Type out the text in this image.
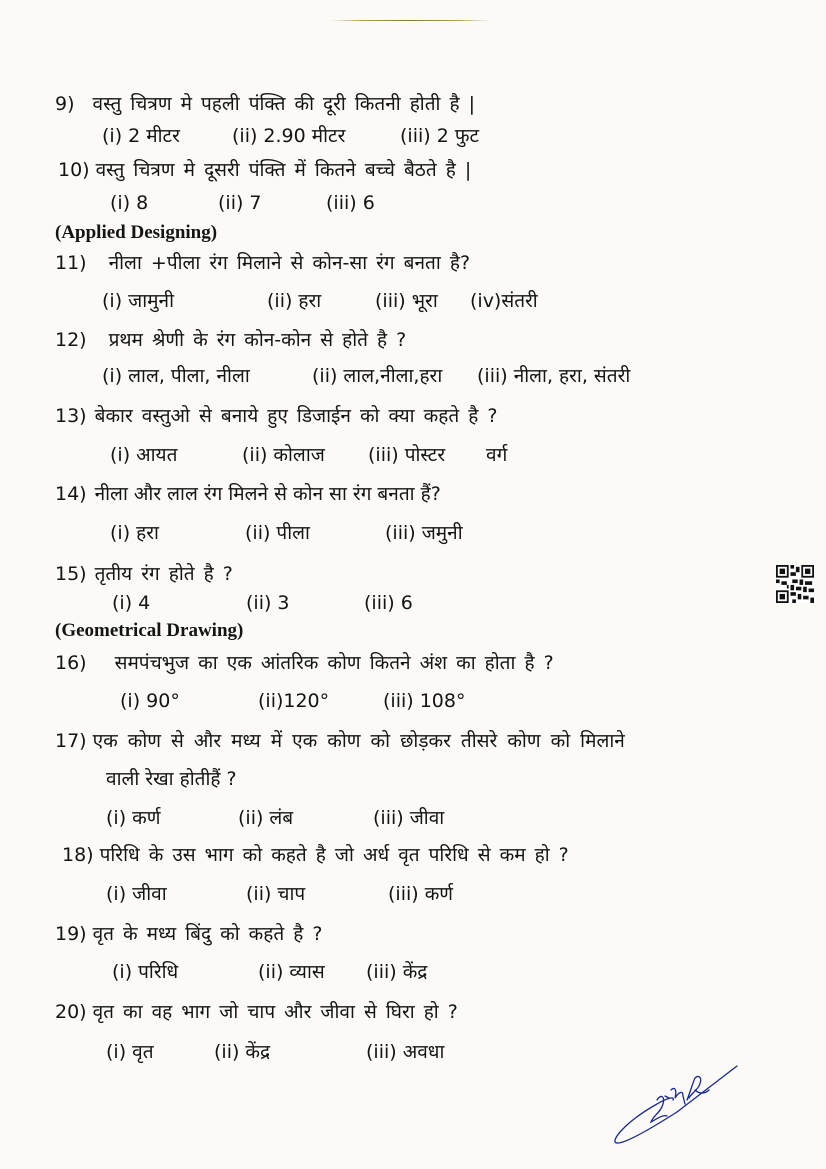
9) वस्तु चित्रण मे पहली पंक्ति की दूरी कितनी होती है |
(i) 2 मीटर	(ii) 2.90 मीटर	(iii) 2 फुट
10) वस्तु चित्रण मे दूसरी पंक्ति में कितने बच्चे बैठते है |
(i) 8	(ii) 7	(iii) 6
(Applied Designing)
11) नीला +पीला रंग मिलाने से कोन-सा रंग बनता है?
(i) जामुनी	(ii) हरा	(iii) भूरा (iv)संतरी
12) प्रथम श्रेणी के रंग कोन-कोन से होते है ?
(i) लाल, पीला, नीला	(ii) लाल,नीला,हरा (iii) नीला, हरा, संतरी
13) बेकार वस्तुओ से बनाये हुए डिजाईन को क्या कहते है ?
(i) आयत	(ii) कोलाज (iii) पोस्टर वर्ग
14) नीला और लाल रंग मिलने से कोन सा रंग बनता हैं?
(i) हरा	(ii) पीला	(iii) जमुनी
15) तृतीय रंग होते है ?
(i) 4	(ii) 3	(iii) 6
(Geometrical Drawing)
16) समपंचभुज का एक आंतरिक कोण कितने अंश का होता है ?
(i) 90°	(ii)120°	(iii) 108°
17) एक कोण से और मध्य में एक कोण को छोड़कर तीसरे कोण को मिलाने
वाली रेखा होतीहैं ?
(i) कर्ण	(ii) लंब	(iii) जीवा
18) परिधि के उस भाग को कहते है जो अर्ध वृत परिधि से कम हो ?
(i) जीवा	(ii) चाप	(iii) कर्ण
19) वृत के मध्य बिंदु को कहते है ?
(i) परिधि	(ii) व्यास (iii) केंद्र
20) वृत का वह भाग जो चाप और जीवा से घिरा हो ?
(i) वृत	(ii) केंद्र	(iii) अवधा
